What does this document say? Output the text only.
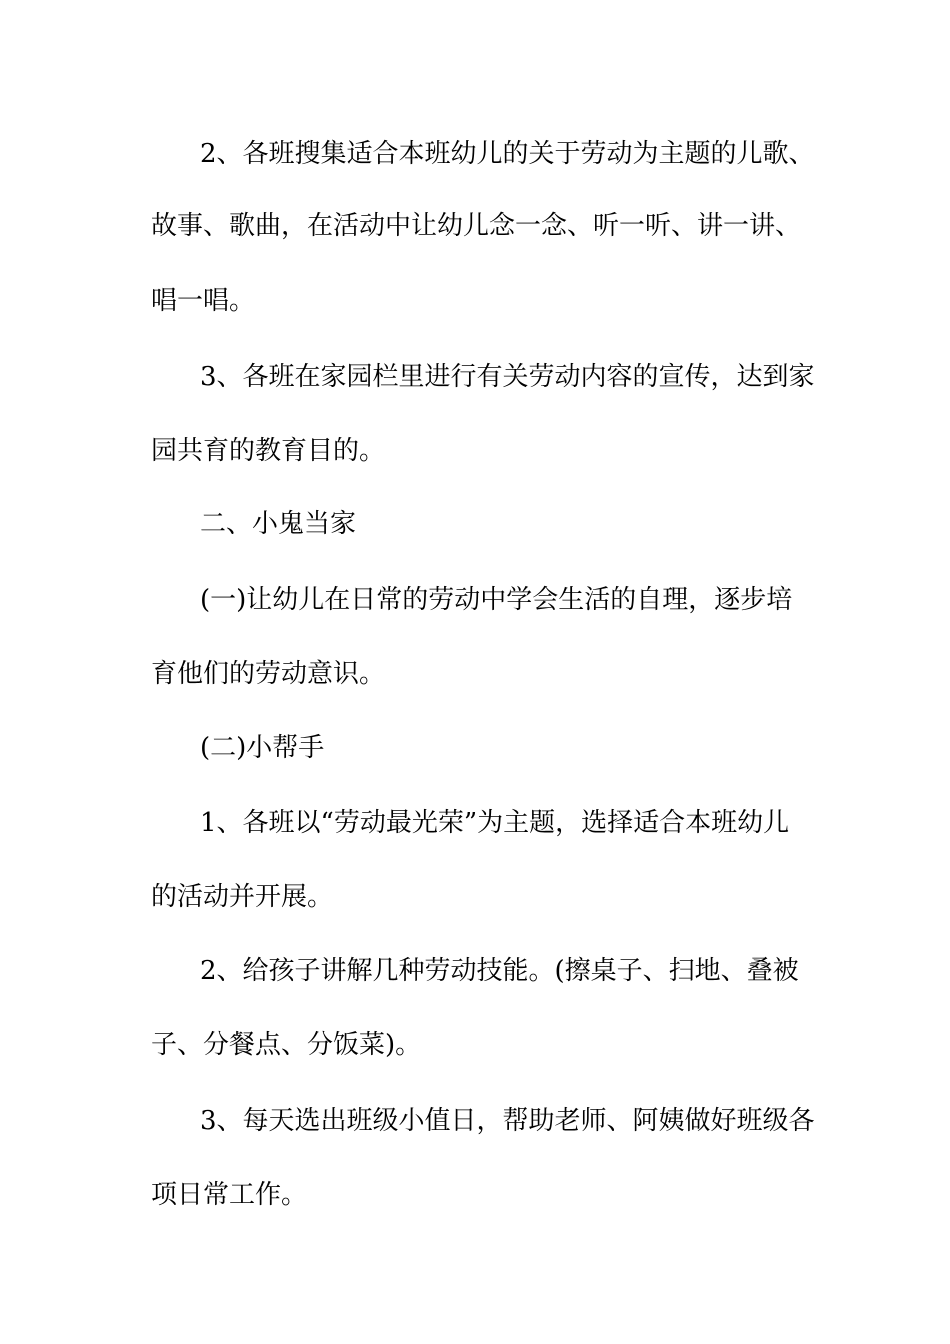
2、各班搜集适合本班幼儿的关于劳动为主题的儿歌、

故事、歌曲，在活动中让幼儿念一念、听一听、讲一讲、

唱一唱。

3、各班在家园栏里进行有关劳动内容的宣传，达到家

园共育的教育目的。

二、小鬼当家

(一)让幼儿在日常的劳动中学会生活的自理，逐步培

育他们的劳动意识。

(二)小帮手

1、各班以“劳动最光荣”为主题，选择适合本班幼儿

的活动并开展。

2、给孩子讲解几种劳动技能。(擦桌子、扫地、叠被

子、分餐点、分饭菜)。

3、每天选出班级小值日，帮助老师、阿姨做好班级各

项日常工作。
